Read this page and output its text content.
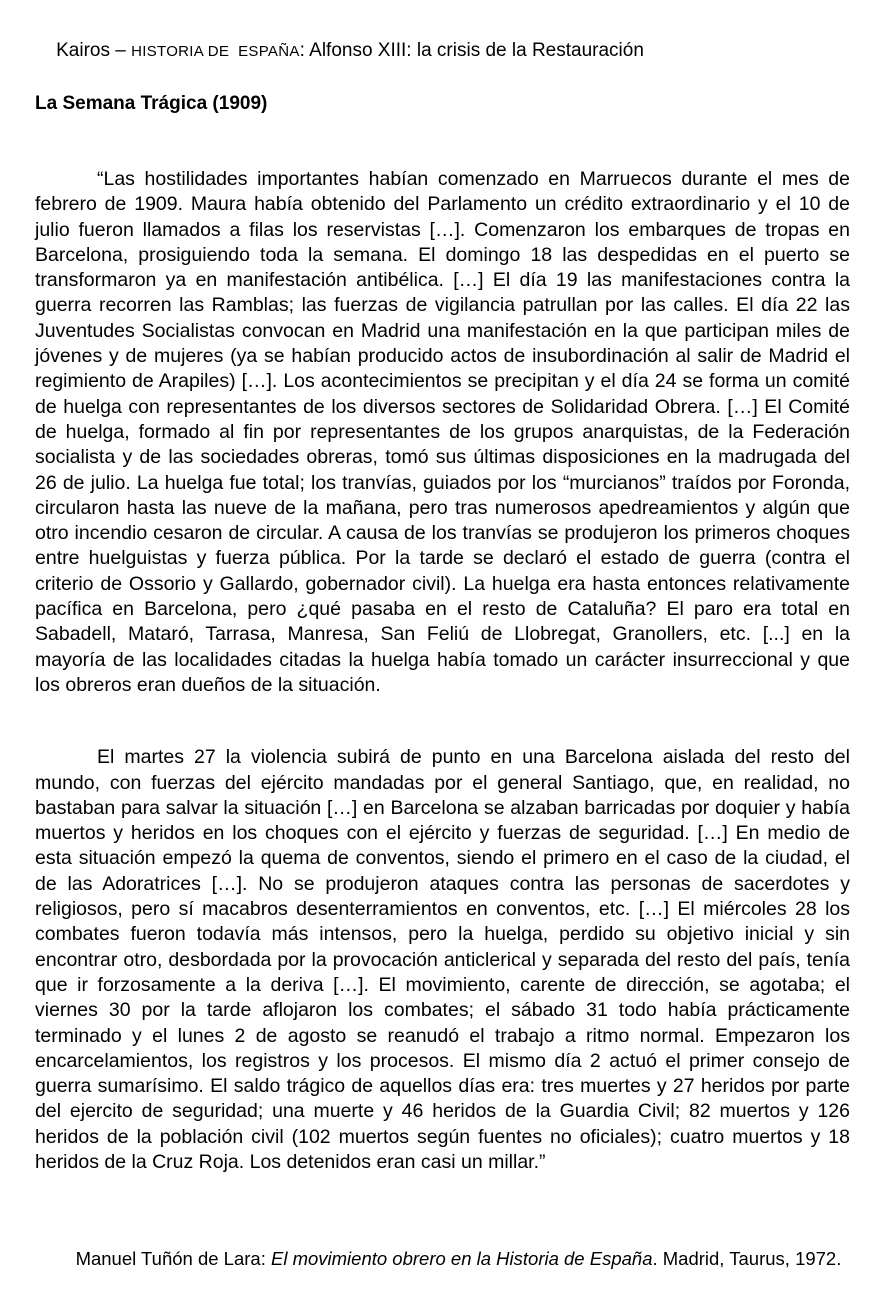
Kairos – HISTORIA DE  ESPAÑA: Alfonso XIII: la crisis de la Restauración

La Semana Trágica (1909)

“Las hostilidades importantes habían comenzado en Marruecos durante el mes de febrero de 1909. Maura había obtenido del Parlamento un crédito extraordinario y el 10 de julio fueron llamados a filas los reservistas […]. Comenzaron los embarques de tropas en Barcelona, prosiguiendo toda la semana. El domingo 18 las despedidas en el puerto se transformaron ya en manifestación antibélica. […] El día 19 las manifestaciones contra la guerra recorren las Ramblas; las fuerzas de vigilancia patrullan por las calles. El día 22 las Juventudes Socialistas convocan en Madrid una manifestación en la que participan miles de jóvenes y de mujeres (ya se habían producido actos de insubordinación al salir de Madrid el regimiento de Arapiles) […]. Los acontecimientos se precipitan y el día 24 se forma un comité de huelga con representantes de los diversos sectores de Solidaridad Obrera. […] El Comité de huelga, formado al fin por representantes de los grupos anarquistas, de la Federación socialista y de las sociedades obreras, tomó sus últimas disposiciones en la madrugada del 26 de julio. La huelga fue total; los tranvías, guiados por los “murcianos” traídos por Foronda, circularon hasta las nueve de la mañana, pero tras numerosos apedreamientos y algún que otro incendio cesaron de circular. A causa de los tranvías se produjeron los primeros choques entre huelguistas y fuerza pública. Por la tarde se declaró el estado de guerra (contra el criterio de Ossorio y Gallardo, gobernador civil). La huelga era hasta entonces relativamente pacífica en Barcelona, pero ¿qué pasaba en el resto de Cataluña? El paro era total en Sabadell, Mataró, Tarrasa, Manresa, San Feliú de Llobregat, Granollers, etc. [...] en la mayoría de las localidades citadas la huelga había tomado un carácter insurreccional y que los obreros eran dueños de la situación.

El martes 27 la violencia subirá de punto en una Barcelona aislada del resto del mundo, con fuerzas del ejército mandadas por el general Santiago, que, en realidad, no bastaban para salvar la situación […] en Barcelona se alzaban barricadas por doquier y había muertos y heridos en los choques con el ejército y fuerzas de seguridad. […] En medio de esta situación empezó la quema de conventos, siendo el primero en el caso de la ciudad, el de las Adoratrices […]. No se produjeron ataques contra las personas de sacerdotes y religiosos, pero sí macabros desenterramientos en conventos, etc. […] El miércoles 28 los combates fueron todavía más intensos, pero la huelga, perdido su objetivo inicial y sin encontrar otro, desbordada por la provocación anticlerical y separada del resto del país, tenía que ir forzosamente a la deriva […]. El movimiento, carente de dirección, se agotaba; el viernes 30 por la tarde aflojaron los combates; el sábado 31 todo había prácticamente terminado y el lunes 2 de agosto se reanudó el trabajo a ritmo normal. Empezaron los encarcelamientos, los registros y los procesos. El mismo día 2 actuó el primer consejo de guerra sumarísimo. El saldo trágico de aquellos días era: tres muertes y 27 heridos por parte del ejercito de seguridad; una muerte y 46 heridos de la Guardia Civil; 82 muertos y 126 heridos de la población civil (102 muertos según fuentes no oficiales); cuatro muertos y 18 heridos de la Cruz Roja. Los detenidos eran casi un millar.”

Manuel Tuñón de Lara: El movimiento obrero en la Historia de España. Madrid, Taurus, 1972.
